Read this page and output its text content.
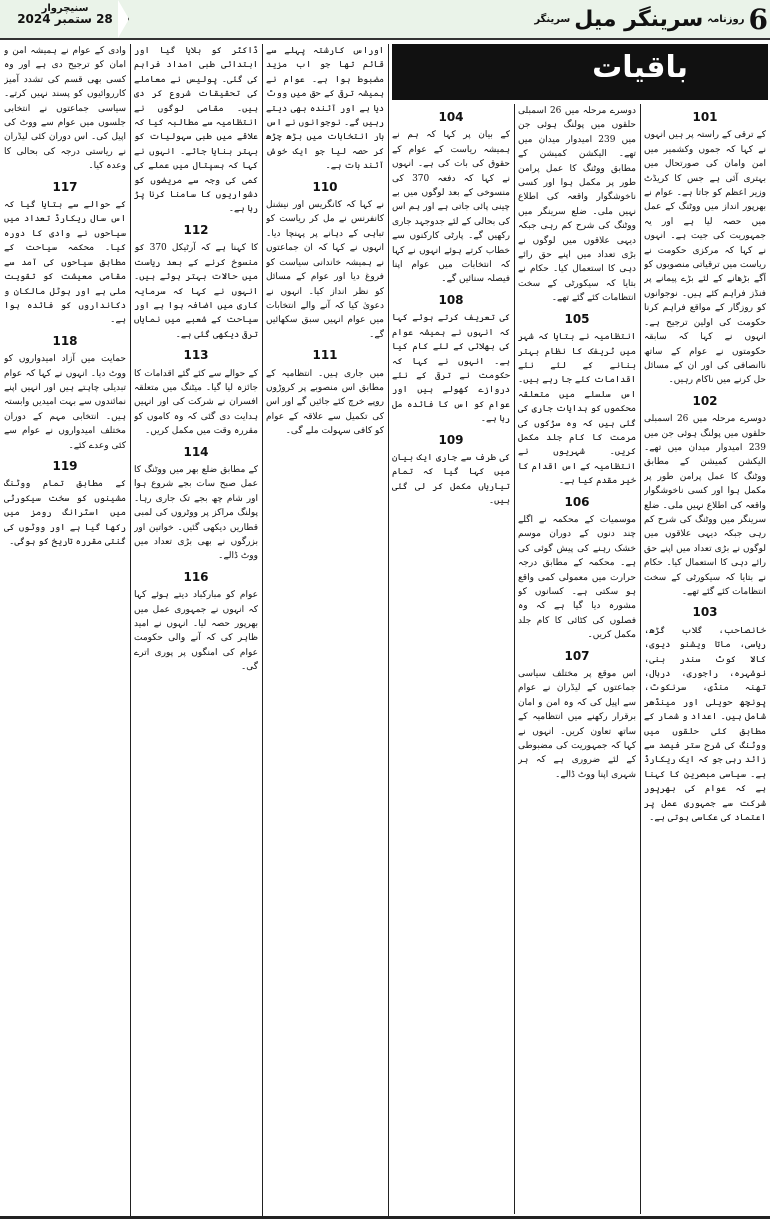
سنیچروار
28 ستمبر 2024	6
روزنامہ
سرینگر میل
سرینگر
باقیات
101

کے ترقی کے راستہ پر ہیں انہوں نے کہا کہ جموں وکشمیر میں امن وامان کی صورتحال میں بہتری آئی ہے جس کا کریڈٹ وزیر اعظم کو جاتا ہے۔ عوام نے بھرپور انداز میں ووٹنگ کے عمل میں حصہ لیا ہے اور یہ جمہوریت کی جیت ہے۔ انہوں نے کہا کہ مرکزی حکومت نے ریاست میں ترقیاتی منصوبوں کو آگے بڑھانے کے لئے بڑے پیمانے پر فنڈز فراہم کئے ہیں۔ نوجوانوں کو روزگار کے مواقع فراہم کرنا حکومت کی اولین ترجیح ہے۔ انہوں نے کہا کہ سابقہ حکومتوں نے عوام کے ساتھ ناانصافی کی اور ان کے مسائل حل کرنے میں ناکام رہیں۔

102

دوسرے مرحلہ میں 26 اسمبلی حلقوں میں پولنگ ہوئی جن میں 239 امیدوار میدان میں تھے۔ الیکشن کمیشن کے مطابق ووٹنگ کا عمل پرامن طور پر مکمل ہوا اور کسی ناخوشگوار واقعہ کی اطلاع نہیں ملی۔ ضلع سرینگر میں ووٹنگ کی شرح کم رہی جبکہ دیہی علاقوں میں لوگوں نے بڑی تعداد میں اپنے حق رائے دہی کا استعمال کیا۔ حکام نے بتایا کہ سیکورٹی کے سخت انتظامات کئے گئے تھے۔

103

خانصاحب، گلاب گڑھ، ریاسی، ماتا ویشنو دیوی، کالا کوٹ سندر بنی، نوشہرہ، راجوری، درہال، تھنہ منڈی، سرنکوٹ، پونچھ حویلی اور مینڈھر شامل ہیں۔ اعداد و شمار کے مطابق کئی حلقوں میں ووٹنگ کی شرح ستر فیصد سے زائد رہی جو کہ ایک ریکارڈ ہے۔ سیاسی مبصرین کا کہنا ہے کہ عوام کی بھرپور شرکت سے جمہوری عمل پر اعتماد کی عکاسی ہوتی ہے۔

دوسرے مرحلہ میں 26 اسمبلی حلقوں میں پولنگ ہوئی جن میں 239 امیدوار میدان میں تھے۔ الیکشن کمیشن کے مطابق ووٹنگ کا عمل پرامن طور پر مکمل ہوا اور کسی ناخوشگوار واقعہ کی اطلاع نہیں ملی۔ ضلع سرینگر میں ووٹنگ کی شرح کم رہی جبکہ دیہی علاقوں میں لوگوں نے بڑی تعداد میں اپنے حق رائے دہی کا استعمال کیا۔ حکام نے بتایا کہ سیکورٹی کے سخت انتظامات کئے گئے تھے۔

105

انتظامیہ نے بتایا کہ شہر میں ٹریفک کا نظام بہتر بنانے کے لئے نئے اقدامات کئے جا رہے ہیں۔ اس سلسلے میں متعلقہ محکموں کو ہدایات جاری کی گئی ہیں کہ وہ سڑکوں کی مرمت کا کام جلد مکمل کریں۔ شہریوں نے انتظامیہ کے اس اقدام کا خیر مقدم کیا ہے۔

106

موسمیات کے محکمہ نے اگلے چند دنوں کے دوران موسم خشک رہنے کی پیش گوئی کی ہے۔ محکمہ کے مطابق درجہ حرارت میں معمولی کمی واقع ہو سکتی ہے۔ کسانوں کو مشورہ دیا گیا ہے کہ وہ فصلوں کی کٹائی کا کام جلد مکمل کریں۔

107

اس موقع پر مختلف سیاسی جماعتوں کے لیڈران نے عوام سے اپیل کی کہ وہ امن و امان برقرار رکھنے میں انتظامیہ کے ساتھ تعاون کریں۔ انہوں نے کہا کہ جمہوریت کی مضبوطی کے لئے ضروری ہے کہ ہر شہری اپنا ووٹ ڈالے۔

104

کے بیان پر کہا کہ ہم نے ہمیشہ ریاست کے عوام کے حقوق کی بات کی ہے۔ انہوں نے کہا کہ دفعہ 370 کی منسوخی کے بعد لوگوں میں بے چینی پائی جاتی ہے اور ہم اس کی بحالی کے لئے جدوجہد جاری رکھیں گے۔ پارٹی کارکنوں سے خطاب کرتے ہوئے انہوں نے کہا کہ انتخابات میں عوام اپنا فیصلہ سنائیں گے۔

108

کی تعریف کرتے ہوئے کہا کہ انہوں نے ہمیشہ عوام کی بھلائی کے لئے کام کیا ہے۔ انہوں نے کہا کہ حکومت نے ترقی کے نئے دروازے کھولے ہیں اور عوام کو اس کا فائدہ مل رہا ہے۔

109

کی طرف سے جاری ایک بیان میں کہا گیا کہ تمام تیاریاں مکمل کر لی گئی ہیں۔

اوراس کارشتہ پہلے سے قائم تھا جو اب مزید مضبوط ہوا ہے۔ عوام نے ہمیشہ ترقی کے حق میں ووٹ دیا ہے اور آئندہ بھی دیتے رہیں گے۔ نوجوانوں نے اس بار انتخابات میں بڑھ چڑھ کر حصہ لیا جو ایک خوش آئند بات ہے۔

110

نے کہا کہ کانگریس اور نیشنل کانفرنس نے مل کر ریاست کو تباہی کے دہانے پر پہنچا دیا۔ انہوں نے کہا کہ ان جماعتوں نے ہمیشہ خاندانی سیاست کو فروغ دیا اور عوام کے مسائل کو نظر انداز کیا۔ انہوں نے دعویٰ کیا کہ آنے والے انتخابات میں عوام انہیں سبق سکھائیں گے۔

111

میں جاری ہیں۔ انتظامیہ کے مطابق اس منصوبے پر کروڑوں روپے خرچ کئے جائیں گے اور اس کی تکمیل سے علاقہ کے عوام کو کافی سہولت ملے گی۔

ڈاکٹر کو بلایا گیا اور ابتدائی طبی امداد فراہم کی گئی۔ پولیس نے معاملے کی تحقیقات شروع کر دی ہیں۔ مقامی لوگوں نے انتظامیہ سے مطالبہ کیا کہ علاقے میں طبی سہولیات کو بہتر بنایا جائے۔ انہوں نے کہا کہ ہسپتال میں عملے کی کمی کی وجہ سے مریضوں کو دشواریوں کا سامنا کرنا پڑ رہا ہے۔

112

کا کہنا ہے کہ آرٹیکل 370 کو منسوخ کرنے کے بعد ریاست میں حالات بہتر ہوئے ہیں۔ انہوں نے کہا کہ سرمایہ کاری میں اضافہ ہوا ہے اور سیاحت کے شعبے میں نمایاں ترقی دیکھی گئی ہے۔

113

کے حوالے سے کئے گئے اقدامات کا جائزہ لیا گیا۔ میٹنگ میں متعلقہ افسران نے شرکت کی اور انہیں ہدایت دی گئی کہ وہ کاموں کو مقررہ وقت میں مکمل کریں۔

114

کے مطابق ضلع بھر میں ووٹنگ کا عمل صبح سات بجے شروع ہوا اور شام چھ بجے تک جاری رہا۔ پولنگ مراکز پر ووٹروں کی لمبی قطاریں دیکھی گئیں۔ خواتین اور بزرگوں نے بھی بڑی تعداد میں ووٹ ڈالے۔

116

عوام کو مبارکباد دیتے ہوئے کہا کہ انہوں نے جمہوری عمل میں بھرپور حصہ لیا۔ انہوں نے امید ظاہر کی کہ آنے والی حکومت عوام کی امنگوں پر پوری اترے گی۔

وادی کے عوام نے ہمیشہ امن و امان کو ترجیح دی ہے اور وہ کسی بھی قسم کی تشدد آمیز کارروائیوں کو پسند نہیں کرتے۔ سیاسی جماعتوں نے انتخابی جلسوں میں عوام سے ووٹ کی اپیل کی۔ اس دوران کئی لیڈران نے ریاستی درجہ کی بحالی کا وعدہ کیا۔

117

کے حوالے سے بتایا گیا کہ اس سال ریکارڈ تعداد میں سیاحوں نے وادی کا دورہ کیا۔ محکمہ سیاحت کے مطابق سیاحوں کی آمد سے مقامی معیشت کو تقویت ملی ہے اور ہوٹل مالکان و دکانداروں کو فائدہ ہوا ہے۔

118

حمایت میں آزاد امیدواروں کو ووٹ دیا۔ انہوں نے کہا کہ عوام تبدیلی چاہتے ہیں اور انہیں اپنے نمائندوں سے بہت امیدیں وابستہ ہیں۔ انتخابی مہم کے دوران مختلف امیدواروں نے عوام سے کئی وعدے کئے۔

119

کے مطابق تمام ووٹنگ مشینوں کو سخت سیکورٹی میں اسٹرانگ رومز میں رکھا گیا ہے اور ووٹوں کی گنتی مقررہ تاریخ کو ہوگی۔
